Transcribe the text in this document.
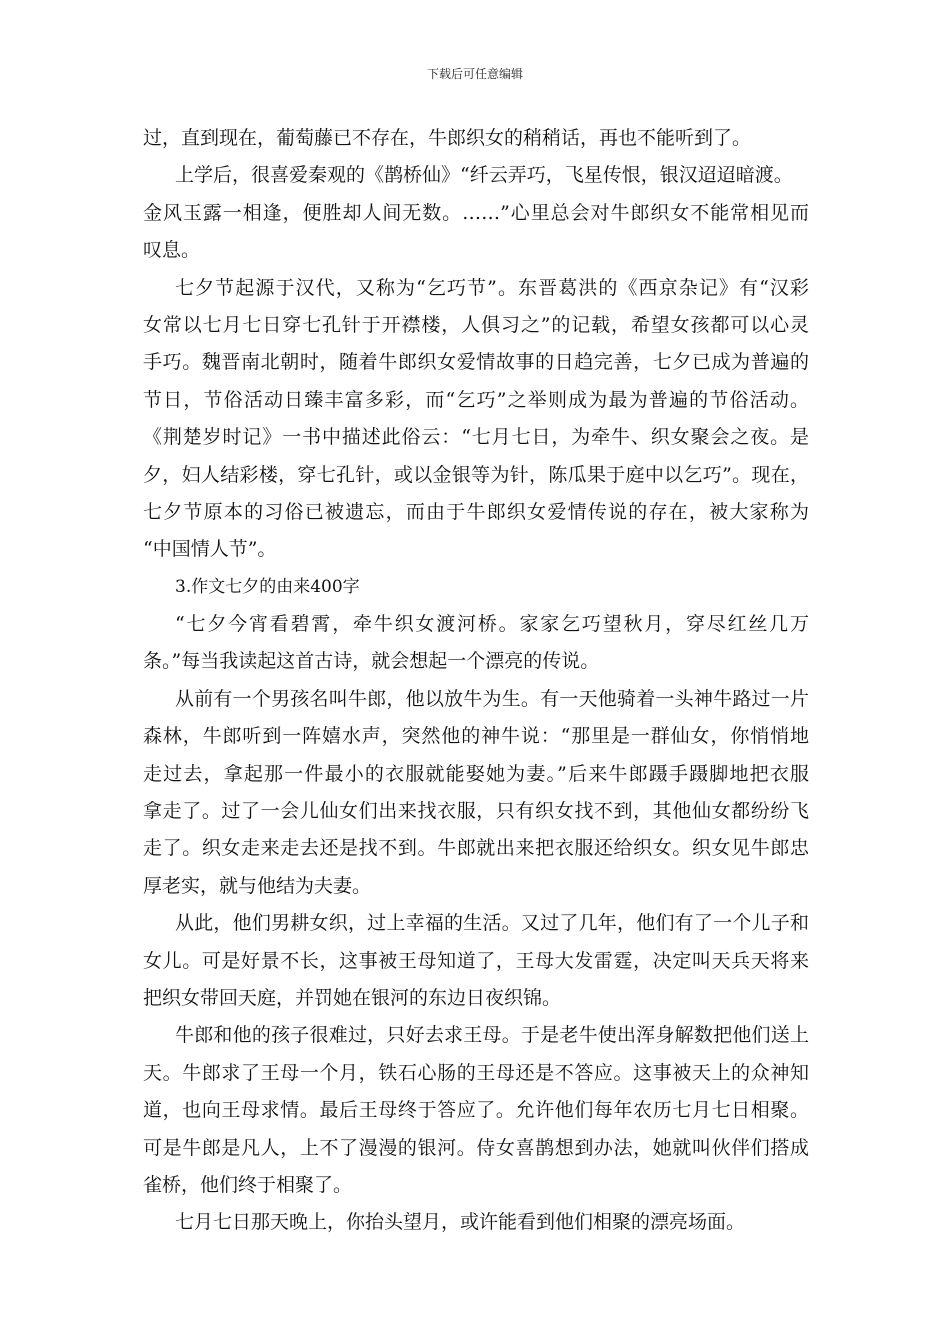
下载后可任意编辑
过，直到现在，葡萄藤已不存在，牛郎织女的稍稍话，再也不能听到了。
上学后，很喜爱秦观的《鹊桥仙》“纤云弄巧，飞星传恨，银汉迢迢暗渡。
金风玉露一相逢，便胜却人间无数。……”心里总会对牛郎织女不能常相见而
叹息。
七夕节起源于汉代，又称为“乞巧节”。东晋葛洪的《西京杂记》有“汉彩
女常以七月七日穿七孔针于开襟楼，人俱习之”的记载，希望女孩都可以心灵
手巧。魏晋南北朝时，随着牛郎织女爱情故事的日趋完善，七夕已成为普遍的
节日，节俗活动日臻丰富多彩，而“乞巧”之举则成为最为普遍的节俗活动。
《荆楚岁时记》一书中描述此俗云：“七月七日，为牵牛、织女聚会之夜。是
夕，妇人结彩楼，穿七孔针，或以金银等为针，陈瓜果于庭中以乞巧”。现在，
七夕节原本的习俗已被遗忘，而由于牛郎织女爱情传说的存在，被大家称为
“中国情人节”。
3.作文七夕的由来400字
“七夕今宵看碧霄，牵牛织女渡河桥。家家乞巧望秋月，穿尽红丝几万
条。”每当我读起这首古诗，就会想起一个漂亮的传说。
从前有一个男孩名叫牛郎，他以放牛为生。有一天他骑着一头神牛路过一片
森林，牛郎听到一阵嬉水声，突然他的神牛说：“那里是一群仙女，你悄悄地
走过去，拿起那一件最小的衣服就能娶她为妻。”后来牛郎蹑手蹑脚地把衣服
拿走了。过了一会儿仙女们出来找衣服，只有织女找不到，其他仙女都纷纷飞
走了。织女走来走去还是找不到。牛郎就出来把衣服还给织女。织女见牛郎忠
厚老实，就与他结为夫妻。
从此，他们男耕女织，过上幸福的生活。又过了几年，他们有了一个儿子和
女儿。可是好景不长，这事被王母知道了，王母大发雷霆，决定叫天兵天将来
把织女带回天庭，并罚她在银河的东边日夜织锦。
牛郎和他的孩子很难过，只好去求王母。于是老牛使出浑身解数把他们送上
天。牛郎求了王母一个月，铁石心肠的王母还是不答应。这事被天上的众神知
道，也向王母求情。最后王母终于答应了。允许他们每年农历七月七日相聚。
可是牛郎是凡人，上不了漫漫的银河。侍女喜鹊想到办法，她就叫伙伴们搭成
雀桥，他们终于相聚了。
七月七日那天晚上，你抬头望月，或许能看到他们相聚的漂亮场面。
